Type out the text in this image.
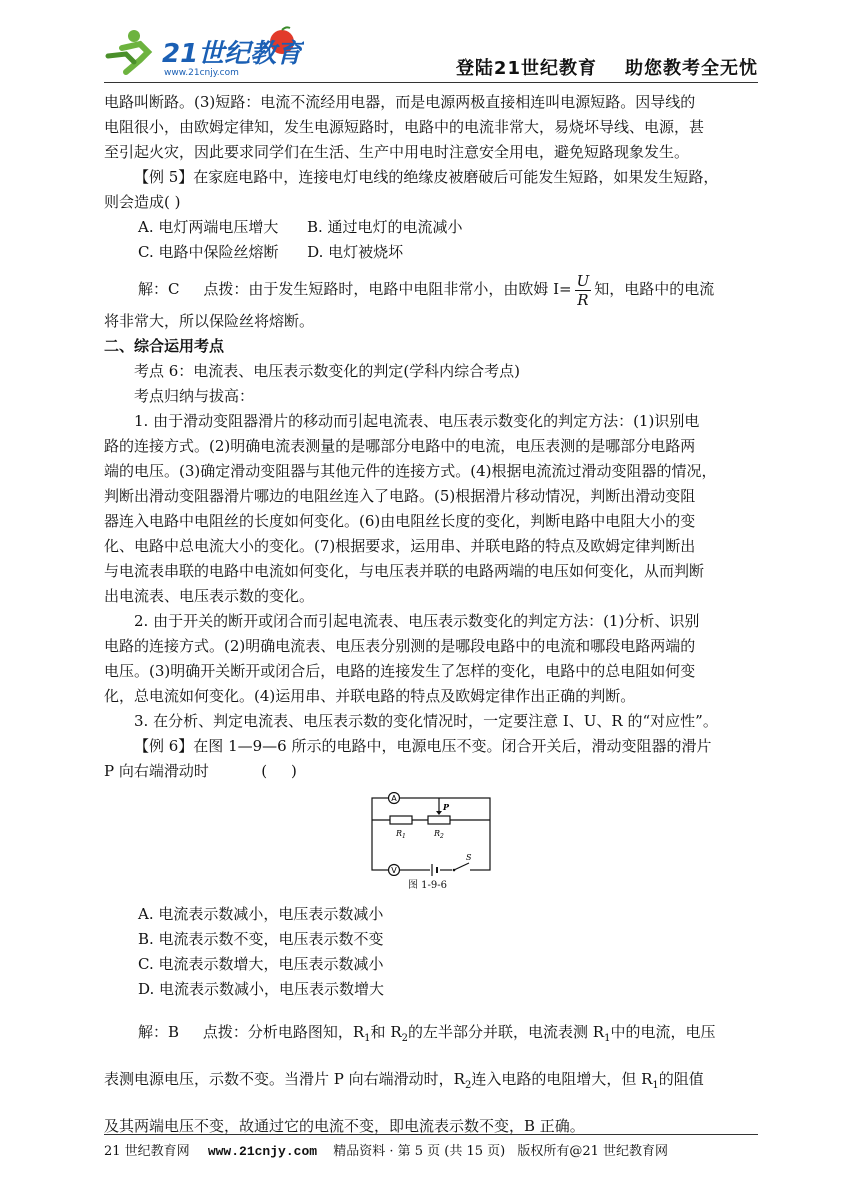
21世纪教育
www.21cnjy.com	登陆21世纪教育 助您教考全无忧

电路叫断路。(3)短路：电流不流经用电器，而是电源两极直接相连叫电源短路。因导线的

电阻很小，由欧姆定律知，发生电源短路时，电路中的电流非常大，易烧坏导线、电源，甚

至引起火灾，因此要求同学们在生活、生产中用电时注意安全用电，避免短路现象发生。

【例 5】在家庭电路中，连接电灯电线的绝缘皮被磨破后可能发生短路，如果发生短路，

则会造成( )

A. 电灯两端电压增大      B. 通过电灯的电流减小

C. 电路中保险丝熔断      D. 电灯被烧坏

解：C     点拨：由于发生短路时，电路中电阻非常小，由欧姆 $I= \frac{U}{R}$ 知，电路中的电流

将非常大，所以保险丝将熔断。

二、综合运用考点

考点 6：电流表、电压表示数变化的判定(学科内综合考点)

考点归纳与拔高：

1. 由于滑动变阻器滑片的移动而引起电流表、电压表示数变化的判定方法：(1)识别电

路的连接方式。(2)明确电流表测量的是哪部分电路中的电流，电压表测的是哪部分电路两

端的电压。(3)确定滑动变阻器与其他元件的连接方式。(4)根据电流流过滑动变阻器的情况，

判断出滑动变阻器滑片哪边的电阻丝连入了电路。(5)根据滑片移动情况，判断出滑动变阻

器连入电路中电阻丝的长度如何变化。(6)由电阻丝长度的变化，判断电路中电阻大小的变

化、电路中总电流大小的变化。(7)根据要求，运用串、并联电路的特点及欧姆定律判断出

与电流表串联的电路中电流如何变化，与电压表并联的电路两端的电压如何变化，从而判断

出电流表、电压表示数的变化。

2. 由于开关的断开或闭合而引起电流表、电压表示数变化的判定方法：(1)分析、识别

电路的连接方式。(2)明确电流表、电压表分别测的是哪段电路中的电流和哪段电路两端的

电压。(3)明确开关断开或闭合后，电路的连接发生了怎样的变化，电路中的总电阻如何变

化，总电流如何变化。(4)运用串、并联电路的特点及欧姆定律作出正确的判断。

3. 在分析、判定电流表、电压表示数的变化情况时，一定要注意 I、U、R 的“对应性”。

【例 6】在图 1—9—6 所示的电路中，电源电压不变。闭合开关后，滑动变阻器的滑片

P 向右端滑动时           (     )

A
$R_1$
P
$R_2$
V
S
图 1-9-6

A. 电流表示数减小，电压表示数减小

B. 电流表示数不变，电压表示数不变

C. 电流表示数增大，电压表示数减小

D. 电流表示数减小，电压表示数增大

解：B     点拨：分析电路图知，$R_1$和 $R_2$的左半部分并联，电流表测 $R_1$中的电流，电压

表测电源电压，示数不变。当滑片 P 向右端滑动时，$R_2$连入电路的电阻增大，但 $R_1$的阻值

及其两端电压不变，故通过它的电流不变，即电流表示数不变，B 正确。

21 世纪教育网 www.21cnjy.com 精品资料 · 第 5 页 (共 15 页) 版权所有@21 世纪教育网
